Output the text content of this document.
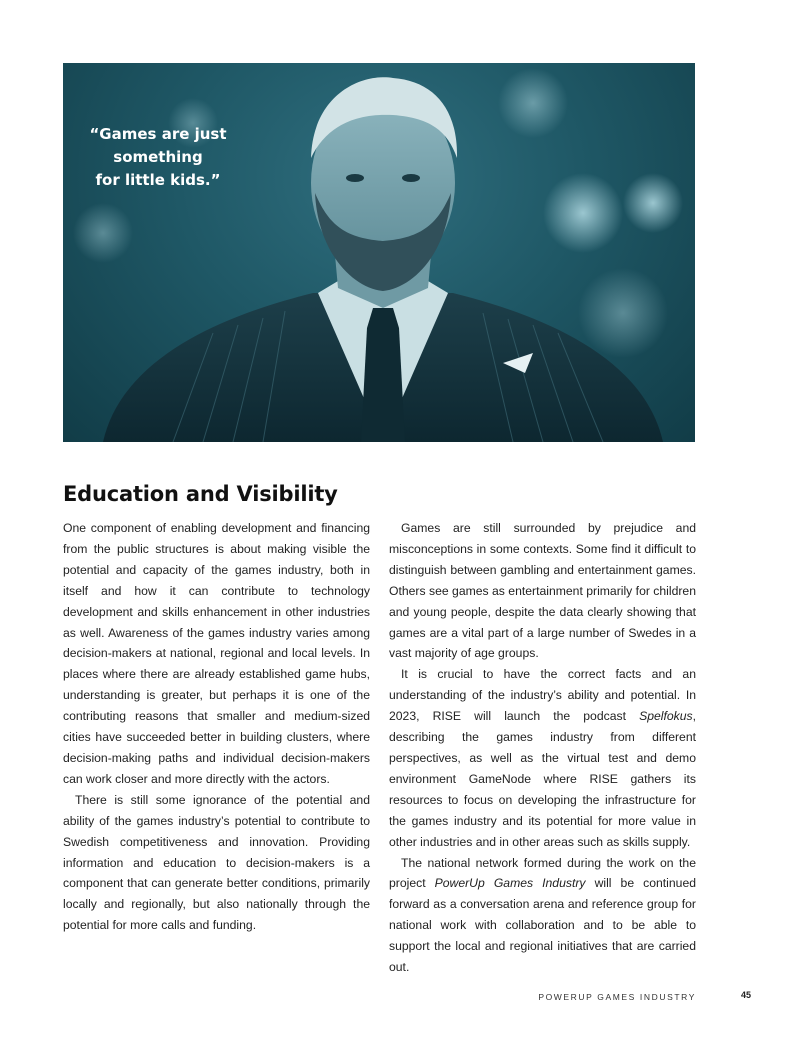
“Games are just
something
for little kids.”
Education and Visibility

One component of enabling development and financing from the public structures is about making visible the potential and capacity of the games industry, both in itself and how it can contribute to technology development and skills enhancement in other industries as well. Awareness of the games industry varies among decision-makers at national, regional and local levels. In places where there are already established game hubs, understanding is greater, but perhaps it is one of the contributing reasons that smaller and medium-sized cities have succeeded better in building clusters, where decision-making paths and individual decision-makers can work closer and more directly with the actors.

There is still some ignorance of the potential and ability of the games industry’s potential to contribute to Swedish competitiveness and innovation. Providing information and education to decision-makers is a component that can generate better conditions, primarily locally and regionally, but also nationally through the potential for more calls and funding.

Games are still surrounded by prejudice and misconceptions in some contexts. Some find it difficult to distinguish between gambling and entertainment games. Others see games as entertainment primarily for children and young people, despite the data clearly showing that games are a vital part of a large number of Swedes in a vast majority of age groups.

It is crucial to have the correct facts and an understanding of the industry’s ability and potential. In 2023, RISE will launch the podcast Spelfokus, describing the games industry from different perspectives, as well as the virtual test and demo environment GameNode where RISE gathers its resources to focus on developing the infrastructure for the games industry and its potential for more value in other industries and in other areas such as skills supply.

The national network formed during the work on the project PowerUp Games Industry will be continued forward as a conversation arena and reference group for national work with collaboration and to be able to support the local and regional initiatives that are carried out.

POWERUP GAMES INDUSTRY	45
